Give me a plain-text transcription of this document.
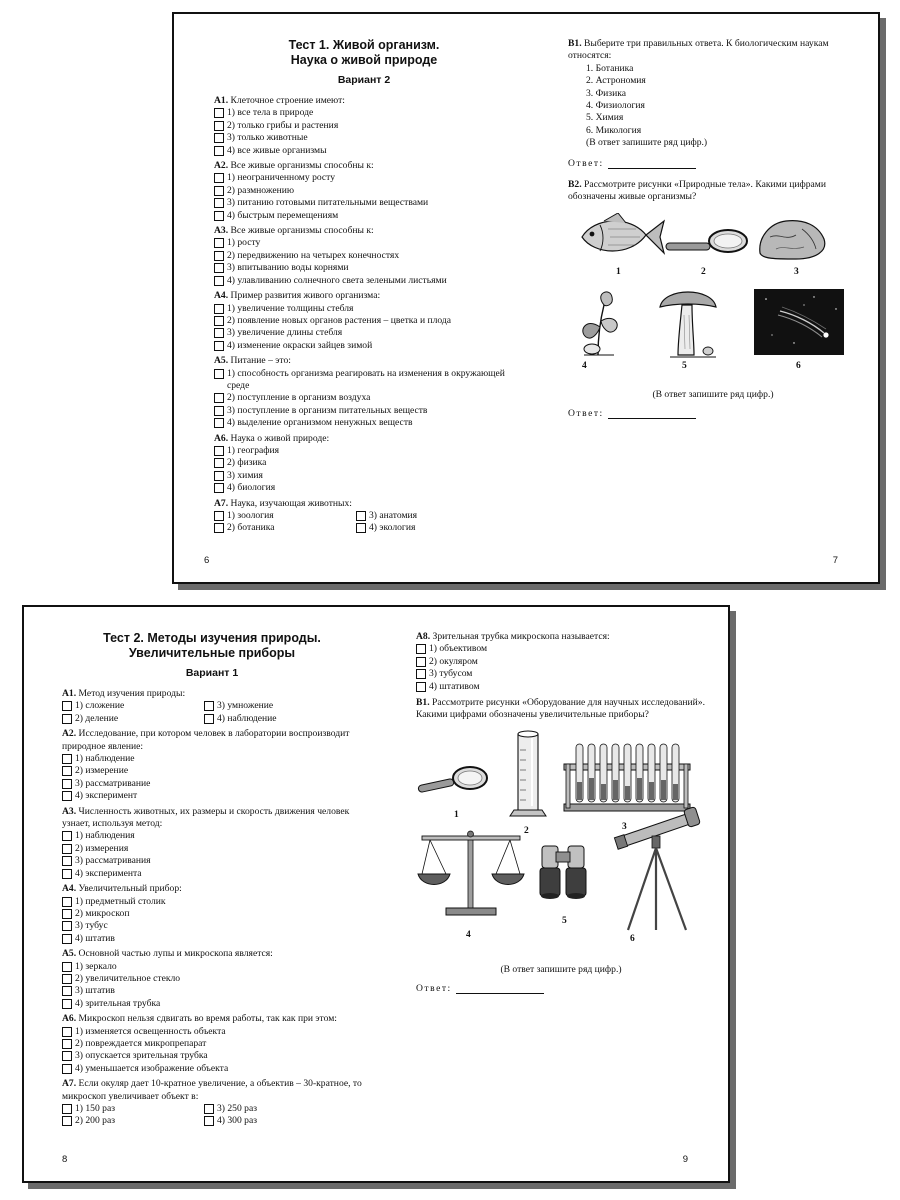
Тест 1. Живой организм.
Наука о живой природе
Вариант 2
А1. Клеточное строение имеют:
1) все тела в природе
2) только грибы и растения
3) только животные
4) все живые организмы
А2. Все живые организмы способны к:
1) неограниченному росту
2) размножению
3) питанию готовыми питательными веществами
4) быстрым перемещениям
А3. Все живые организмы способны к:
1) росту
2) передвижению на четырех конечностях
3) впитыванию воды корнями
4) улавливанию солнечного света зелеными листьями
А4. Пример развития живого организма:
1) увеличение толщины стебля
2) появление новых органов растения – цветка и плода
3) увеличение длины стебля
4) изменение окраски зайцев зимой
А5. Питание – это:
1) способность организма реагировать на изменения в окружающей среде
2) поступление в организм воздуха
3) поступление в организм питательных веществ
4) выделение организмом ненужных веществ
А6. Наука о живой природе:
1) география
2) физика
3) химия
4) биология
А7. Наука, изучающая животных:
1) зоология	3) анатомия
2) ботаника	4) экология
6
В1. Выберите три правильных ответа. К биологическим наукам относятся:
1. Ботаника
2. Астрономия
3. Физика
4. Физиология
5. Химия
6. Микология
(В ответ запишите ряд цифр.)
Ответ:
В2. Рассмотрите рисунки «Природные тела». Какими цифрами обозначены живые организмы?
1	2	3
4	5	6
(В ответ запишите ряд цифр.)
Ответ:
7
Тест 2. Методы изучения природы.
Увеличительные приборы
Вариант 1
А1. Метод изучения природы:
1) сложение	3) умножение
2) деление	4) наблюдение
А2. Исследование, при котором человек в лаборатории воспроизводит природное явление:
1) наблюдение
2) измерение
3) рассматривание
4) эксперимент
А3. Численность животных, их размеры и скорость движения человек узнает, используя метод:
1) наблюдения
2) измерения
3) рассматривания
4) эксперимента
А4. Увеличительный прибор:
1) предметный столик
2) микроскоп
3) тубус
4) штатив
А5. Основной частью лупы и микроскопа является:
1) зеркало
2) увеличительное стекло
3) штатив
4) зрительная трубка
А6. Микроскоп нельзя сдвигать во время работы, так как при этом:
1) изменяется освещенность объекта
2) повреждается микропрепарат
3) опускается зрительная трубка
4) уменьшается изображение объекта
А7. Если окуляр дает 10-кратное увеличение, а объектив – 30-кратное, то микроскоп увеличивает объект в:
1) 150 раз	3) 250 раз
2) 200 раз	4) 300 раз
8
А8. Зрительная трубка микроскопа называется:
1) объективом
2) окуляром
3) тубусом
4) штативом
В1. Рассмотрите рисунки «Оборудование для научных исследований». Какими цифрами обозначены увеличительные приборы?
1
2	3
4
5
6
(В ответ запишите ряд цифр.)
Ответ:
9
